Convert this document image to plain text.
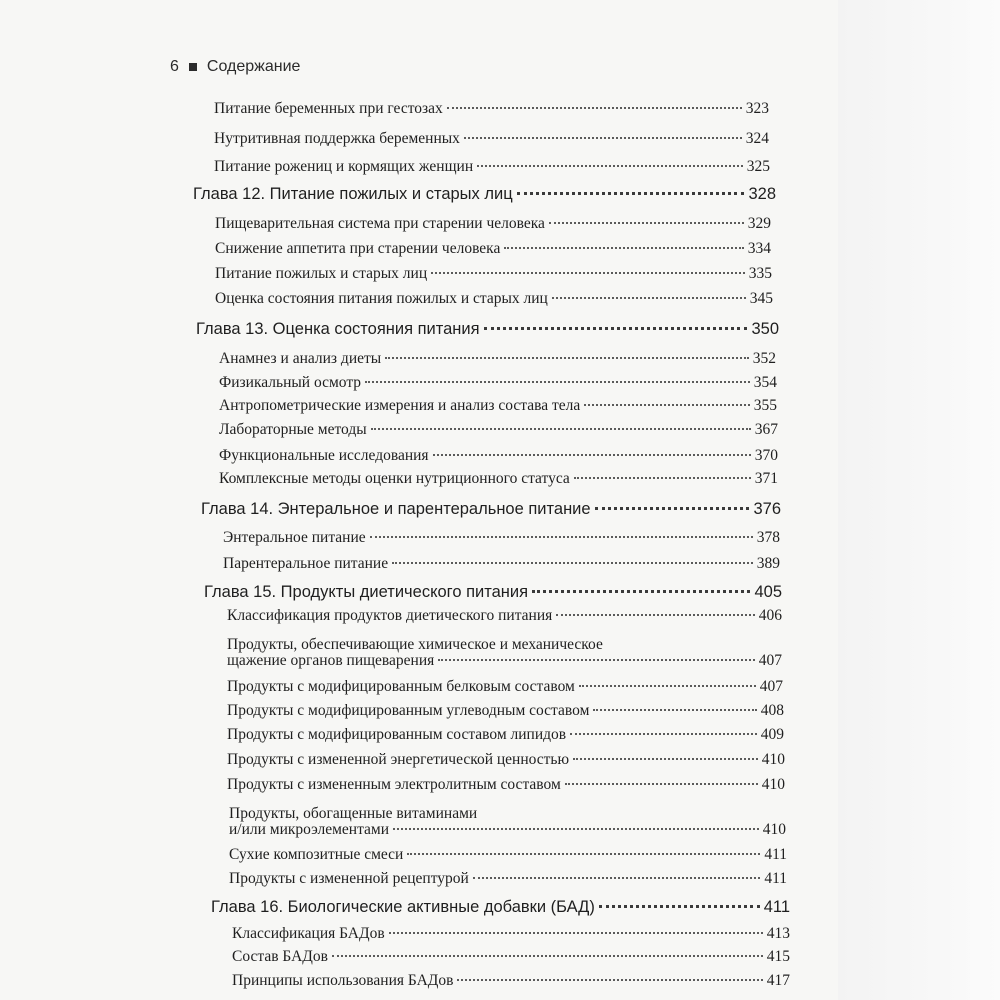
6 Содержание
Питание беременных при гестозах	323
Нутритивная поддержка беременных	324
Питание рожениц и кормящих женщин	325
Глава 12. Питание пожилых и старых лиц	328
Пищеварительная система при старении человека	329
Снижение аппетита при старении человека	334
Питание пожилых и старых лиц	335
Оценка состояния питания пожилых и старых лиц	345
Глава 13. Оценка состояния питания	350
Анамнез и анализ диеты	352
Физикальный осмотр	354
Антропометрические измерения и анализ состава тела	355
Лабораторные методы	367
Функциональные исследования	370
Комплексные методы оценки нутриционного статуса	371
Глава 14. Энтеральное и парентеральное питание	376
Энтеральное питание	378
Парентеральное питание	389
Глава 15. Продукты диетического питания	405
Классификация продуктов диетического питания	406
Продукты, обеспечивающие химическое и механическое
щажение органов пищеварения	407
Продукты с модифицированным белковым составом	407
Продукты с модифицированным углеводным составом	408
Продукты с модифицированным составом липидов	409
Продукты с измененной энергетической ценностью	410
Продукты с измененным электролитным составом	410
Продукты, обогащенные витаминами
и/или микроэлементами	410
Сухие композитные смеси	411
Продукты с измененной рецептурой	411
Глава 16. Биологические активные добавки (БАД)	411
Классификация БАДов	413
Состав БАДов	415
Принципы использования БАДов	417
